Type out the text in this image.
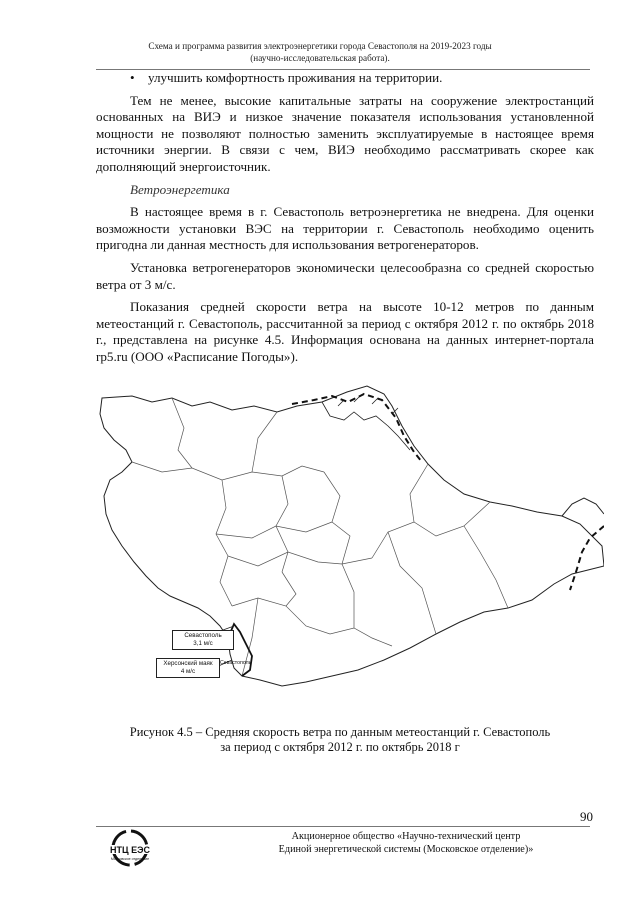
Схема и программа развития электроэнергетики города Севастополя на 2019-2023 годы
(научно-исследовательская работа).

•	улучшить комфортность проживания на территории.

Тем не менее, высокие капитальные затраты на сооружение электростанций основанных на ВИЭ и низкое значение показателя использования установленной мощности не позволяют полностью заменить эксплуатируемые в настоящее время источники энергии. В связи с чем, ВИЭ необходимо рассматривать скорее как дополняющий энергоисточник.

Ветроэнергетика

В настоящее время в г. Севастополь ветроэнергетика не внедрена. Для оценки возможности установки ВЭС на территории г. Севастополь необходимо оценить пригодна ли данная местность для использования ветрогенераторов.

Установка ветрогенераторов экономически целесообразна со средней скоростью ветра от 3 м/с.

Показания средней скорости ветра на высоте 10-12 метров по данным метеостанций г. Севастополь, рассчитанной за период с октября 2012 г. по октябрь 2018 г., представлена на рисунке 4.5. Информация основана на данных интернет-портала rp5.ru (ООО «Расписание Погоды»).

Севастополь
3,1 м/с
Херсонский маяк
4 м/с
Севастополь
Рисунок 4.5 – Средняя скорость ветра по данным метеостанций г. Севастополь
за период с октября 2012 г. по октябрь 2018 г
90
НТЦ ЕЭС
Московское отделение
Акционерное общество «Научно-технический центр
Единой энергетической системы (Московское отделение)»
